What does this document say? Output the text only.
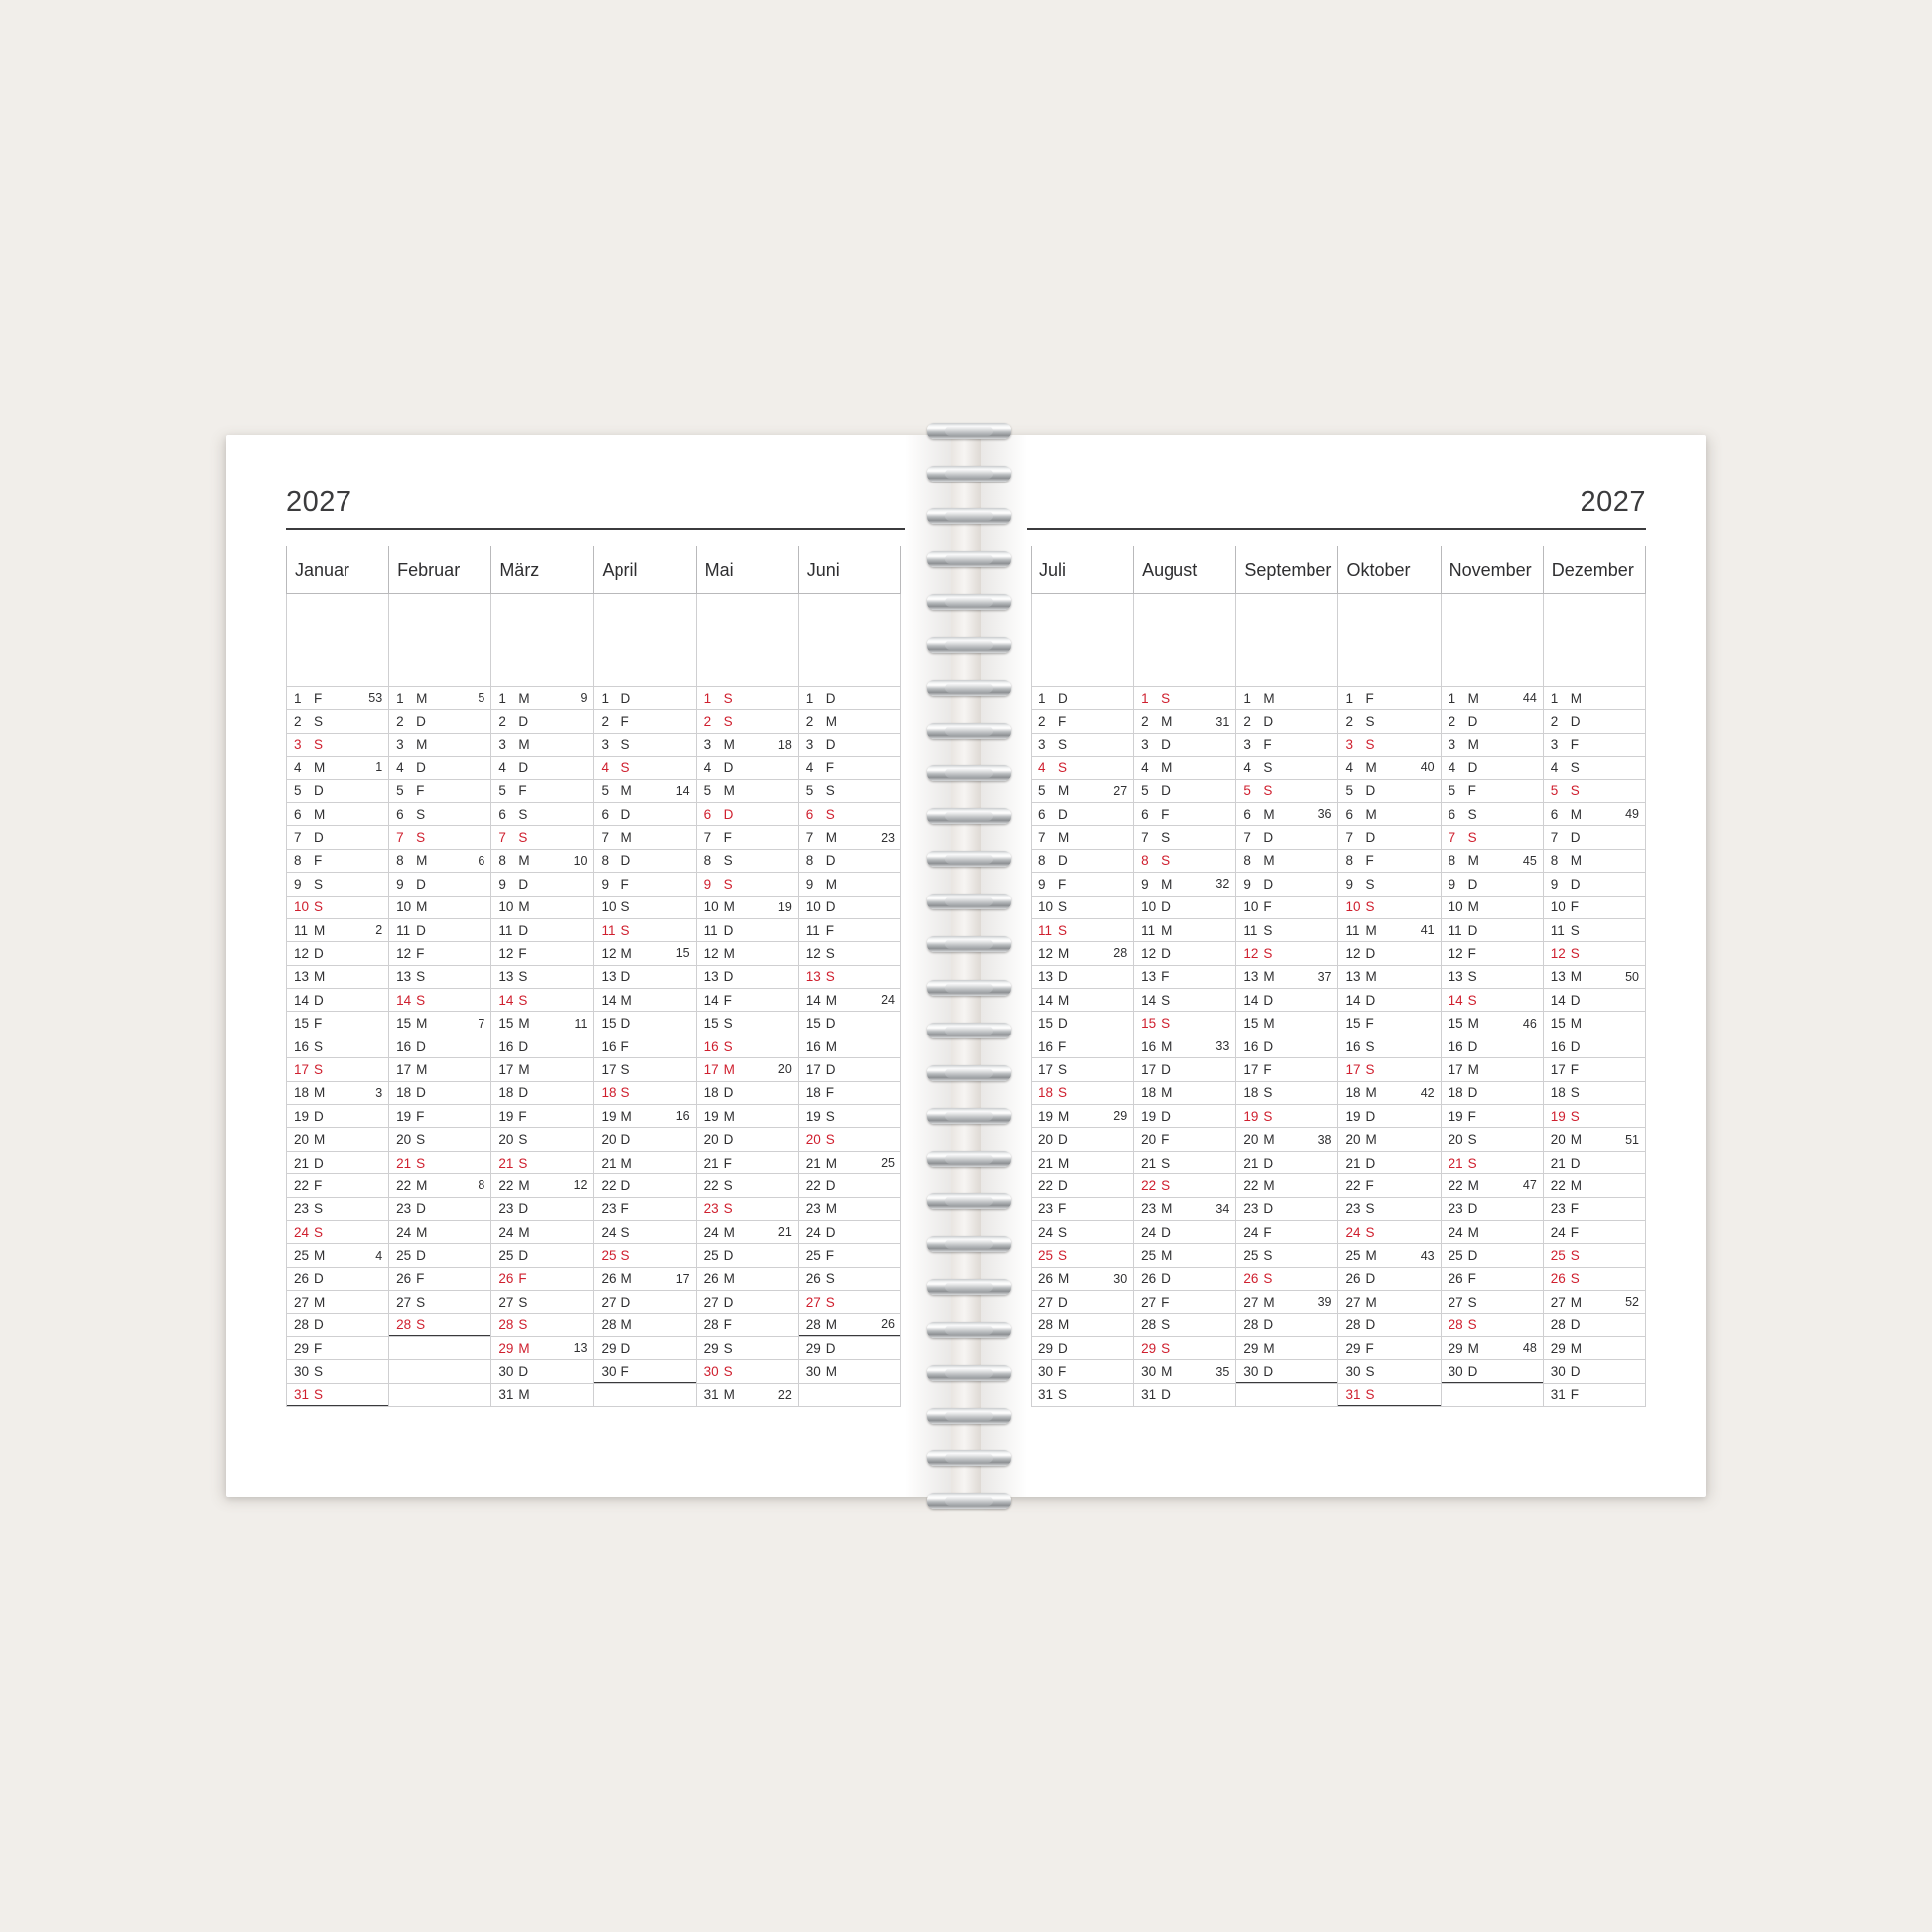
2027
Januar	Februar	März	April	Mai	Juni

1 F 53	1 M 5	1 M 9	1 D	1 S	1 D

2 S	2 D	2 D	2 F	2 S	2 M

3 S	3 M	3 M	3 S	3 M 18	3 D

4 M 1	4 D	4 D	4 S	4 D	4 F

5 D	5 F	5 F	5 M 14	5 M	5 S

6 M	6 S	6 S	6 D	6 D	6 S

7 D	7 S	7 S	7 M	7 F	7 M 23

8 F	8 M 6	8 M 10	8 D	8 S	8 D

9 S	9 D	9 D	9 F	9 S	9 M

10 S	10 M	10 M	10 S	10 M 19	10 D

11 M 2	11 D	11 D	11 S	11 D	11 F

12 D	12 F	12 F	12 M 15	12 M	12 S

13 M	13 S	13 S	13 D	13 D	13 S

14 D	14 S	14 S	14 M	14 F	14 M 24

15 F	15 M 7	15 M 11	15 D	15 S	15 D

16 S	16 D	16 D	16 F	16 S	16 M

17 S	17 M	17 M	17 S	17 M 20	17 D

18 M 3	18 D	18 D	18 S	18 D	18 F

19 D	19 F	19 F	19 M 16	19 M	19 S

20 M	20 S	20 S	20 D	20 D	20 S

21 D	21 S	21 S	21 M	21 F	21 M 25

22 F	22 M 8	22 M 12	22 D	22 S	22 D

23 S	23 D	23 D	23 F	23 S	23 M

24 S	24 M	24 M	24 S	24 M 21	24 D

25 M 4	25 D	25 D	25 S	25 D	25 F

26 D	26 F	26 F	26 M 17	26 M	26 S

27 M	27 S	27 S	27 D	27 D	27 S

28 D	28 S	28 S	28 M	28 F	28 M 26

29 F		29 M 13	29 D	29 S	29 D

30 S		30 D	30 F	30 S	30 M

31 S		31 M		31 M 22	

2027
Juli	August	September	Oktober	November	Dezember

1 D	1 S	1 M	1 F	1 M 44	1 M

2 F	2 M 31	2 D	2 S	2 D	2 D

3 S	3 D	3 F	3 S	3 M	3 F

4 S	4 M	4 S	4 M 40	4 D	4 S

5 M 27	5 D	5 S	5 D	5 F	5 S

6 D	6 F	6 M 36	6 M	6 S	6 M 49

7 M	7 S	7 D	7 D	7 S	7 D

8 D	8 S	8 M	8 F	8 M 45	8 M

9 F	9 M 32	9 D	9 S	9 D	9 D

10 S	10 D	10 F	10 S	10 M	10 F

11 S	11 M	11 S	11 M 41	11 D	11 S

12 M 28	12 D	12 S	12 D	12 F	12 S

13 D	13 F	13 M 37	13 M	13 S	13 M 50

14 M	14 S	14 D	14 D	14 S	14 D

15 D	15 S	15 M	15 F	15 M 46	15 M

16 F	16 M 33	16 D	16 S	16 D	16 D

17 S	17 D	17 F	17 S	17 M	17 F

18 S	18 M	18 S	18 M 42	18 D	18 S

19 M 29	19 D	19 S	19 D	19 F	19 S

20 D	20 F	20 M 38	20 M	20 S	20 M 51

21 M	21 S	21 D	21 D	21 S	21 D

22 D	22 S	22 M	22 F	22 M 47	22 M

23 F	23 M 34	23 D	23 S	23 D	23 F

24 S	24 D	24 F	24 S	24 M	24 F

25 S	25 M	25 S	25 M 43	25 D	25 S

26 M 30	26 D	26 S	26 D	26 F	26 S

27 D	27 F	27 M 39	27 M	27 S	27 M 52

28 M	28 S	28 D	28 D	28 S	28 D

29 D	29 S	29 M	29 F	29 M 48	29 M

30 F	30 M 35	30 D	30 S	30 D	30 D

31 S	31 D		31 S		31 F
